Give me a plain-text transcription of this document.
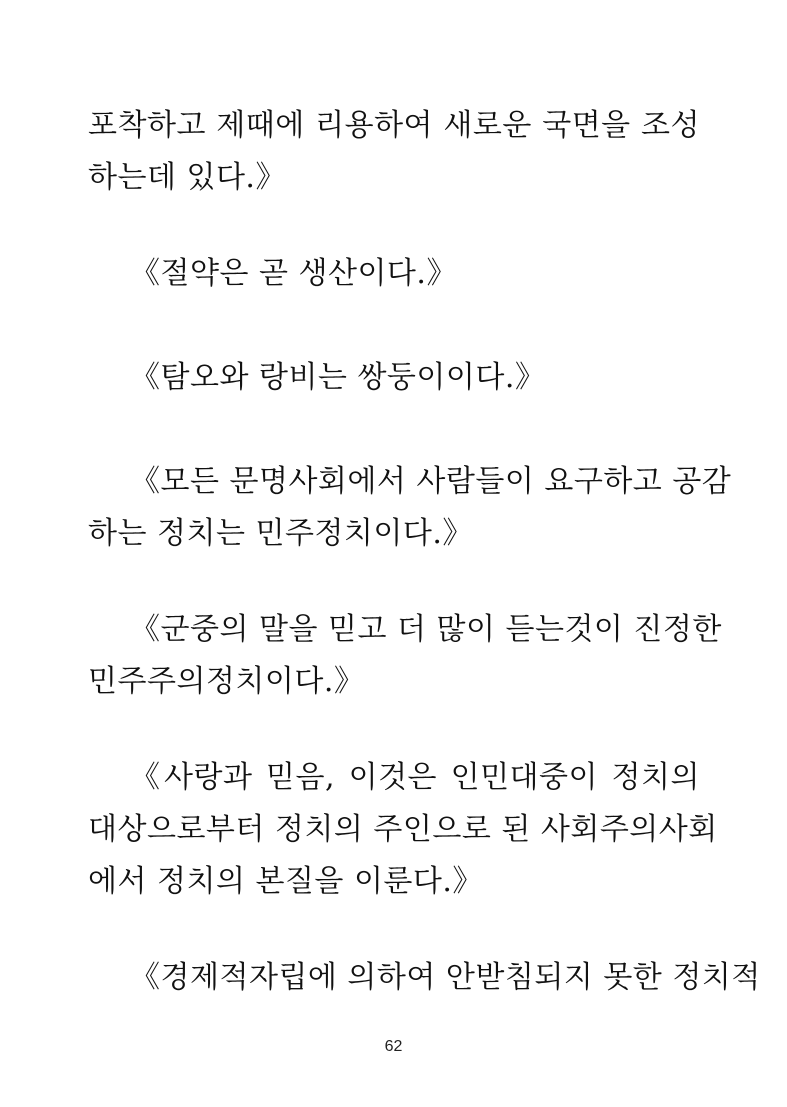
포착하고 제때에 리용하여 새로운 국면을 조성
하는데 있다.》
《절약은 곧 생산이다.》
《탐오와 랑비는 쌍둥이이다.》
《모든 문명사회에서 사람들이 요구하고 공감
하는 정치는 민주정치이다.》
《군중의 말을 믿고 더 많이 듣는것이 진정한
민주주의정치이다.》
《사랑과 믿음, 이것은 인민대중이 정치의
대상으로부터 정치의 주인으로 된 사회주의사회
에서 정치의 본질을 이룬다.》
《경제적자립에 의하여 안받침되지 못한 정치적
62
